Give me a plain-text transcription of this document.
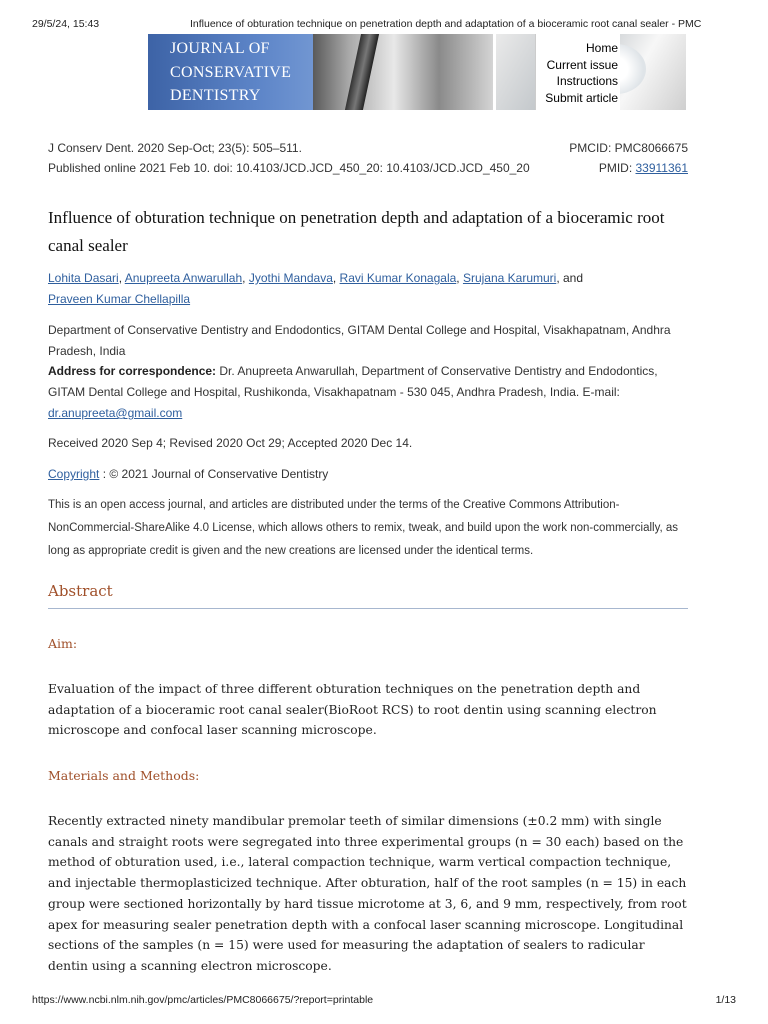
29/5/24, 15:43	Influence of obturation technique on penetration depth and adaptation of a bioceramic root canal sealer - PMC
JOURNAL OF
CONSERVATIVE
DENTISTRY
Home
Current issue
Instructions
Submit article
J Conserv Dent. 2020 Sep-Oct; 23(5): 505–511.	PMCID: PMC8066675
Published online 2021 Feb 10. doi: 10.4103/JCD.JCD_450_20: 10.4103/JCD.JCD_450_20	PMID: 33911361
Influence of obturation technique on penetration depth and adaptation of a bioceramic root canal sealer
Lohita Dasari, Anupreeta Anwarullah, Jyothi Mandava, Ravi Kumar Konagala, Srujana Karumuri, and
Praveen Kumar Chellapilla
Department of Conservative Dentistry and Endodontics, GITAM Dental College and Hospital, Visakhapatnam, Andhra Pradesh, India
Address for correspondence: Dr. Anupreeta Anwarullah, Department of Conservative Dentistry and Endodontics, GITAM Dental College and Hospital, Rushikonda, Visakhapatnam - 530 045, Andhra Pradesh, India. E-mail: dr.anupreeta@gmail.com
Received 2020 Sep 4; Revised 2020 Oct 29; Accepted 2020 Dec 14.
Copyright : © 2021 Journal of Conservative Dentistry
This is an open access journal, and articles are distributed under the terms of the Creative Commons Attribution-NonCommercial-ShareAlike 4.0 License, which allows others to remix, tweak, and build upon the work non-commercially, as long as appropriate credit is given and the new creations are licensed under the identical terms.
Abstract
Aim:
Evaluation of the impact of three different obturation techniques on the penetration depth and adaptation of a bioceramic root canal sealer(BioRoot RCS) to root dentin using scanning electron microscope and confocal laser scanning microscope.
Materials and Methods:
Recently extracted ninety mandibular premolar teeth of similar dimensions (±0.2 mm) with single canals and straight roots were segregated into three experimental groups (n = 30 each) based on the method of obturation used, i.e., lateral compaction technique, warm vertical compaction technique, and injectable thermoplasticized technique. After obturation, half of the root samples (n = 15) in each group were sectioned horizontally by hard tissue microtome at 3, 6, and 9 mm, respectively, from root apex for measuring sealer penetration depth with a confocal laser scanning microscope. Longitudinal sections of the samples (n = 15) were used for measuring the adaptation of sealers to radicular dentin using a scanning electron microscope.
https://www.ncbi.nlm.nih.gov/pmc/articles/PMC8066675/?report=printable	1/13
